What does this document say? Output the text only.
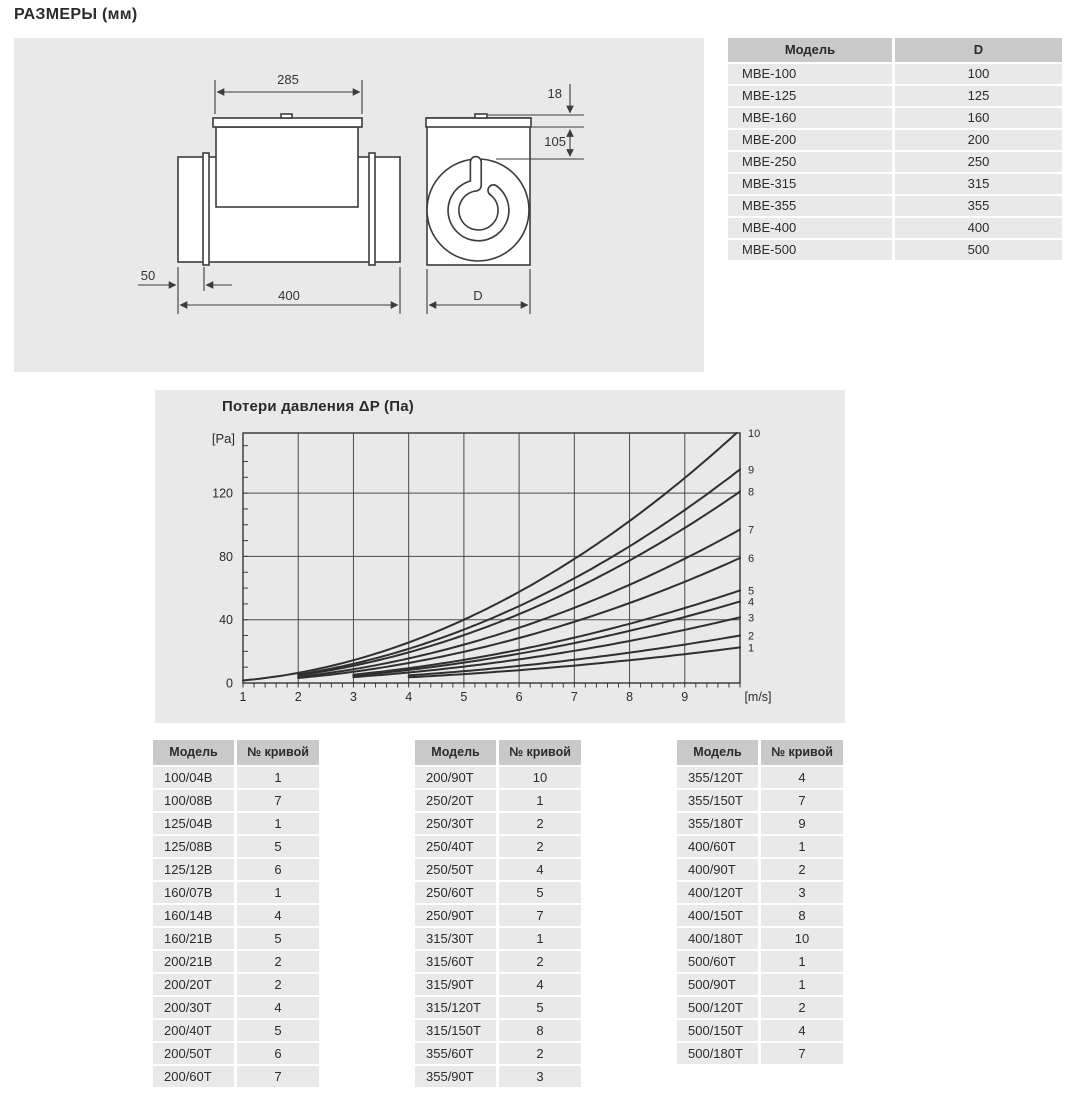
РАЗМЕРЫ (мм)
285
50
400
18
105
D
Модель	D
МВЕ-100	100
МВЕ-125	125
МВЕ-160	160
МВЕ-200	200
МВЕ-250	250
МВЕ-315	315
МВЕ-355	355
МВЕ-400	400
МВЕ-500	500
Потери давления ΔP (Па)
1
2
3
4
5
6
7
8
9
10
1	2	3	4	5	6	7	8	9	[m/s]
0
40
80
120
[Pa]
Модель	№ кривой
100/04В	1
100/08В	7
125/04В	1
125/08В	5
125/12В	6
160/07В	1
160/14В	4
160/21В	5
200/21В	2
200/20Т	2
200/30Т	4
200/40Т	5
200/50Т	6
200/60Т	7
Модель	№ кривой
200/90Т	10
250/20Т	1
250/30Т	2
250/40Т	2
250/50Т	4
250/60Т	5
250/90Т	7
315/30Т	1
315/60Т	2
315/90Т	4
315/120Т	5
315/150Т	8
355/60Т	2
355/90Т	3
Модель	№ кривой
355/120Т	4
355/150Т	7
355/180Т	9
400/60Т	1
400/90Т	2
400/120Т	3
400/150Т	8
400/180Т	10
500/60Т	1
500/90Т	1
500/120Т	2
500/150Т	4
500/180Т	7
